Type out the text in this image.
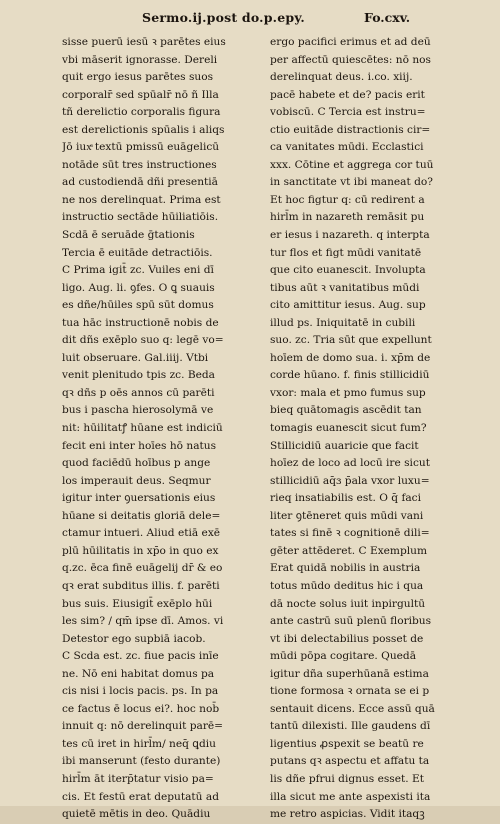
Sermo.ij.post do.p.epy.	Fo.cxv.
sisse puerū iesū ꝛ parētes eius
vbi māserit ignorasse. Dereli
quit ergo iesus parētes suos
corporalr̄ sed spūalr̄ nō ñ Illa
tñ derelictio corporalis figura
est derelictionis spūalis i aliqs
Jō iuxͣ textū pmissū euāgelicū
notāde sūt tres instructiones
ad custodiendā dñi presentiā
ne nos derelinquat. Prima est
instructio sectāde hūiliatiōis.
Scdā ē seruāde ḡtationis
Tercia ē euitāde detractiōis.
C Prima igit̄ zc. Vuiles eni dī
ligo. Aug. li. ꝯfes. O ꝗ suauis
es dñe/hūiles spū sūt domus
tua hāc instructionē nobis de
dit dñs exēplo suo q: legē vo=
luit obseruare. Gal.iiij. Vtbi
venit plenitudo tpis zc. Beda
qꝛ dñs p oēs annos cū parēti
bus i pascha hierosolymā ve
nit: hūilitatꝭ hūane est indiciū
fecit eni inter hoīes hō natus
quod faciēdū hoībus p ange
los imperauit deus. Seqmur
igitur inter ꝯuersationis eius
hūane si deitatis gloriā dele=
ctamur intueri. Aliud etiā exē
plū hūilitatis in xp̄o in quo ex
q.zc. ēca finē euāgelij dr̄ & eo
qꝛ erat subditus illis. f. parēti
bus suis. Eiusigit̄ exēplo hūi
les sim? / qm̄ ipse dī. Amos. vi
Detestor ego supbiā iacob.
C Scda est. zc. fiue pacis inīe
ne. Nō eni habitat domus pa
cis nisi i locis pacis. ps. In pa
ce factus ē locus ei?. hoc nob̄
innuit q: nō derelinquit parē=
tes cū iret in hirl̄m/ neq̄ ꝗdiu
ibi manserunt (festo durante)
hirl̄m āt iterp̄tatur visio pa=
cis. Et festū erat deputatū ad
quietē mētis in deo. Quādiu
ergo pacifici erimus et ad deū
per affectū quiescētes: nō nos
derelinquat deus. i.co. xiij.
pacē habete et de? pacis erit
vobiscū. C Tercia est instru=
ctio euitāde distractionis cir=
ca vanitates mūdi. Ecclastici
xxx. Cōtine et aggrega cor tuū
in sanctitate vt ibi maneat do?
Et hoc figtur q: cū redirent a
hirl̄m in nazareth remāsit pu
er iesus i nazareth. q interpta
tur flos et figt mūdi vanitatē
que cito euanescit. Involupta
tibus aūt ꝛ vanitatibus mūdi
cito amittitur iesus. Aug. sup
illud ps. Iniquitatē in cubili
suo. zc. Tria sūt que expellunt
hoīem de domo sua. i. xp̄m de
corde hūano. f. finis stillicidiū
vxor: mala et pmo fumus sup
bieq quātomagis ascēdit tan
tomagis euanescit sicut fum?
Stillicidiū auaricie que facit
hoīez de loco ad locū ire sicut
stillicidiū aq̄ɜ p̄ala vxor luxu=
rieq insatiabilis est. O q̄ faci
liter ꝯtēneret quis mūdi vani
tates si finē ꝛ cognitionē dili=
gēter attēderet. C Exemplum
Erat quidā nobilis in austria
totus mūdo deditus hic i qua
dā nocte solus iuit inpirgultū
ante castrū suū plenū floribus
vt ibi delectabilius posset de
mūdi pōpa cogitare. Quedā
igitur dña superhūanā estima
tione formosa ꝛ ornata se ei p
sentauit dicens. Ecce assū quā
tantū dilexisti. Ille gaudens dī
ligentius ꝓspexit se beatū re
putans qꝛ aspectu et affatu ta
lis dñe pfrui dignus esset. Et
illa sicut me ante aspexisti ita
me retro aspicias. Vidit itaqꝫ
